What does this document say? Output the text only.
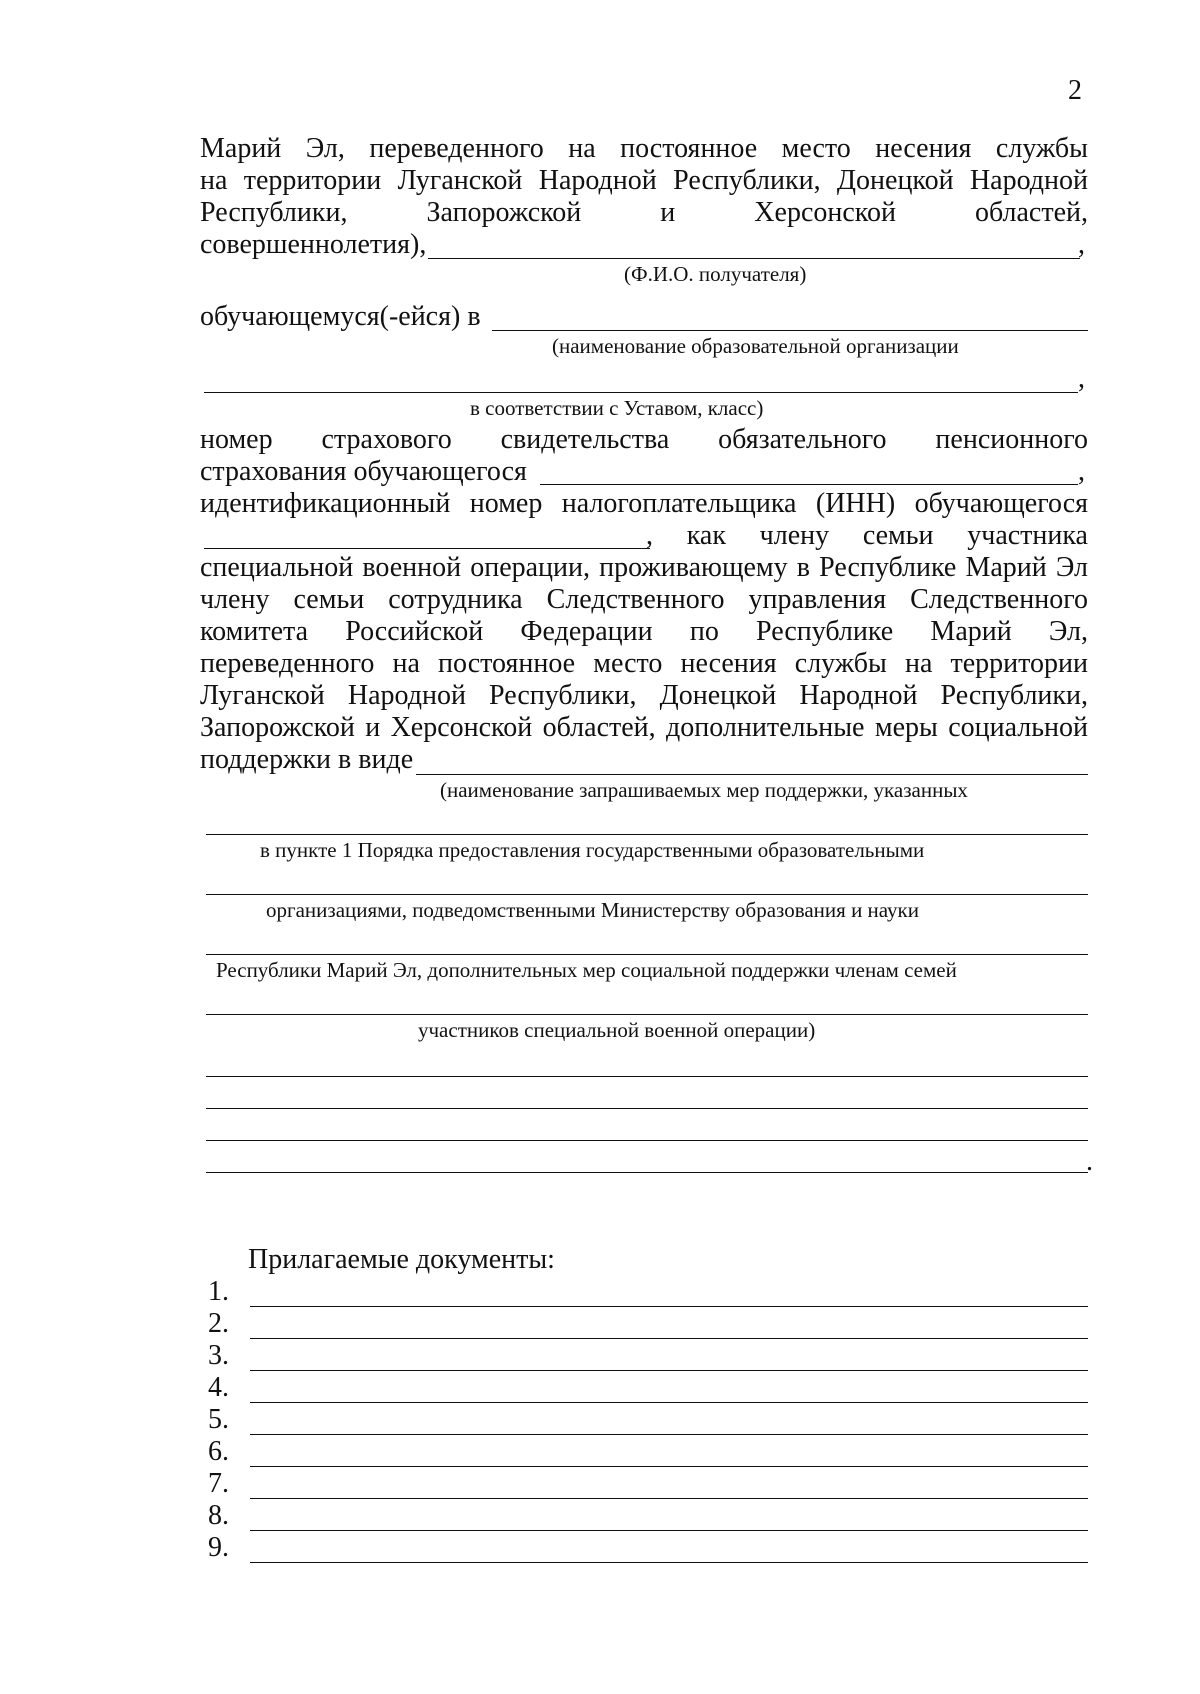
2
Марий Эл, переведенного на постоянное место несения службы
на территории Луганской Народной Республики, Донецкой Народной
Республики, Запорожской и Херсонской областей,
совершеннолетия),	,
(Ф.И.О. получателя)
обучающемуся(-ейся) в
(наименование образовательной организации
,
в соответствии с Уставом, класс)
номер страхового свидетельства обязательного пенсионного
страхования обучающегося	,
идентификационный номер налогоплательщика (ИНН) обучающегося
, как члену семьи участника
специальной военной операции, проживающему в Республике Марий Эл
члену семьи сотрудника Следственного управления Следственного
комитета Российской Федерации по Республике Марий Эл,
переведенного на постоянное место несения службы на территории
Луганской Народной Республики, Донецкой Народной Республики,
Запорожской и Херсонской областей, дополнительные меры социальной
поддержки в виде
(наименование запрашиваемых мер поддержки, указанных
в пункте 1 Порядка предоставления государственными образовательными
организациями, подведомственными Министерству образования и науки
Республики Марий Эл, дополнительных мер социальной поддержки членам семей
участников специальной военной операции)
.
Прилагаемые документы:
1.
2.
3.
4.
5.
6.
7.
8.
9.
